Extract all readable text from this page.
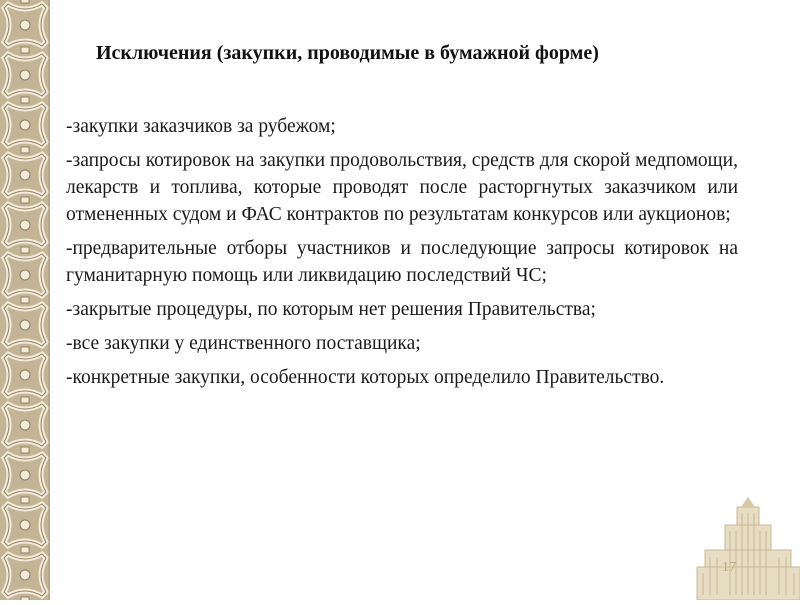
Исключения (закупки, проводимые в бумажной форме)
-закупки заказчиков за рубежом;
-запросы котировок на закупки продовольствия, средств для скорой медпомощи, лекарств и топлива, которые проводят после расторгнутых заказчиком или отмененных судом и ФАС контрактов по результатам конкурсов или аукционов;
-предварительные отборы участников и последующие запросы котировок на гуманитарную помощь или ликвидацию последствий ЧС;
-закрытые процедуры, по которым нет решения Правительства;
-все закупки у единственного поставщика;
-конкретные закупки, особенности которых определило Правительство.
17
